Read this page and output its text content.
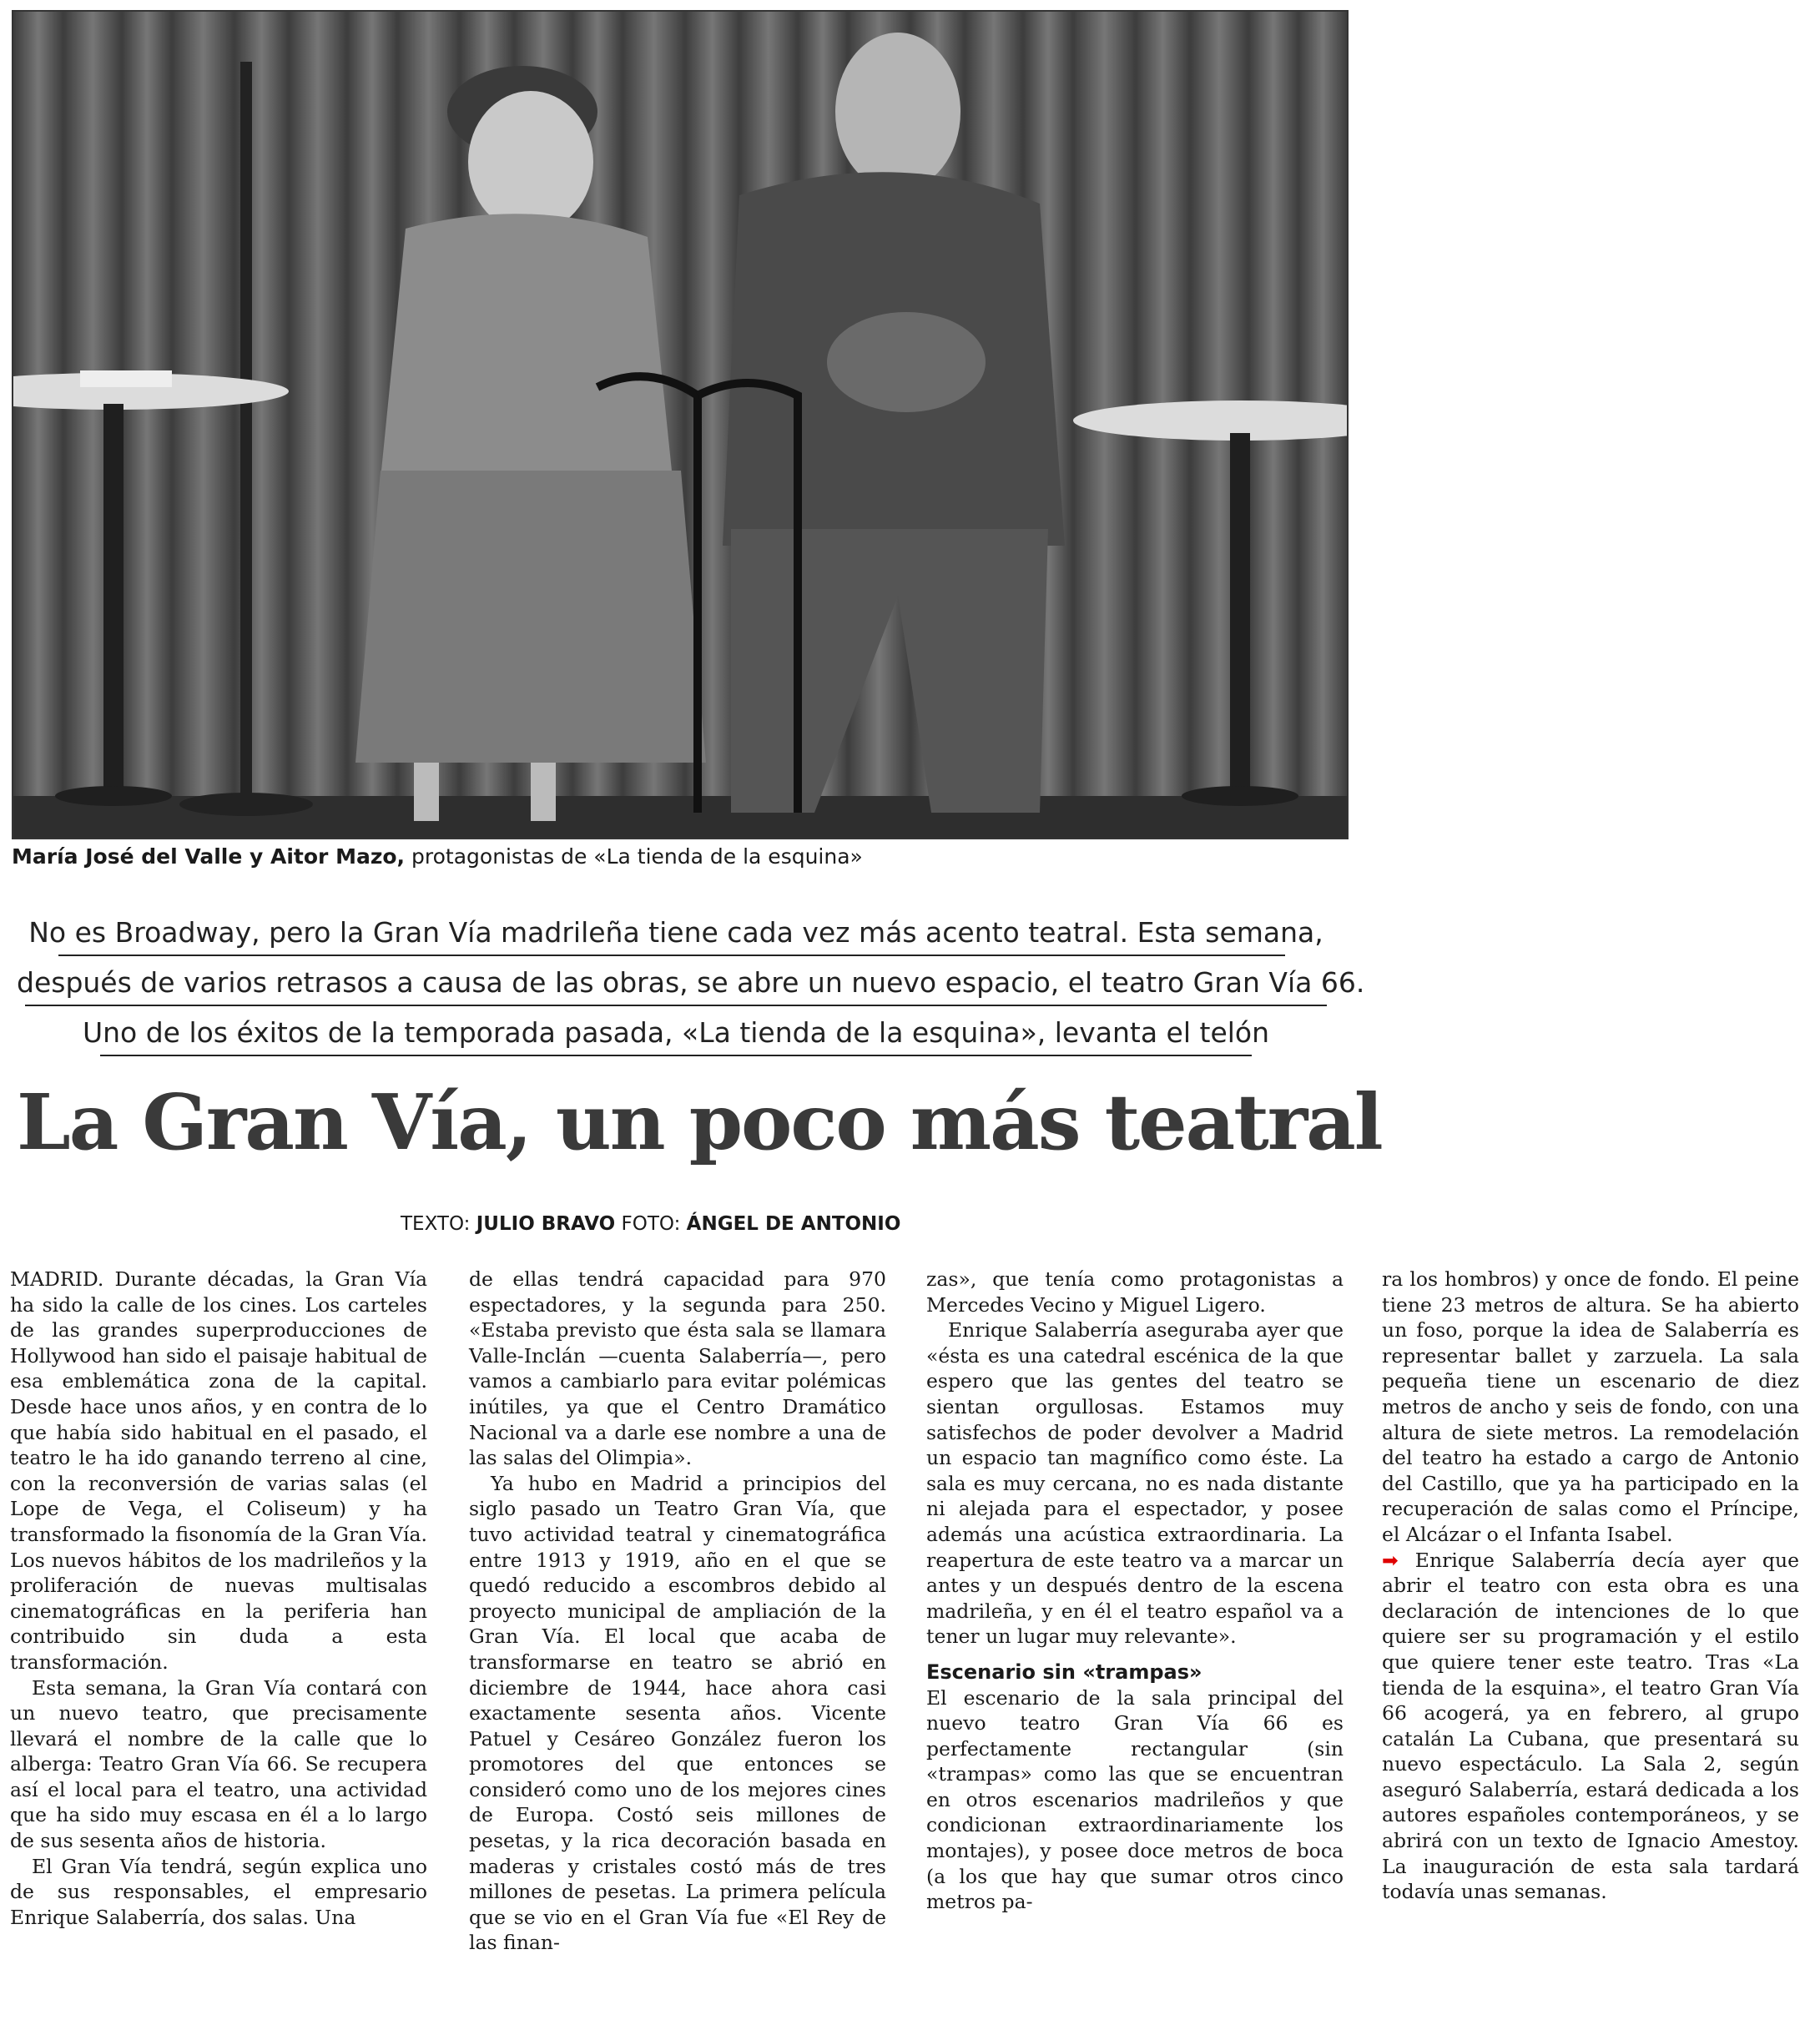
María José del Valle y Aitor Mazo, protagonistas de «La tienda de la esquina»
No es Broadway, pero la Gran Vía madrileña tiene cada vez más acento teatral. Esta semana,
después de varios retrasos a causa de las obras, se abre un nuevo espacio, el teatro Gran Vía 66.
Uno de los éxitos de la temporada pasada, «La tienda de la esquina», levanta el telón
La Gran Vía, un poco más teatral
TEXTO: JULIO BRAVO FOTO: ÁNGEL DE ANTONIO

MADRID. Durante décadas, la Gran Vía ha sido la calle de los cines. Los carteles de las grandes superproducciones de Hollywood han sido el paisaje habitual de esa emblemática zona de la capital. Desde hace unos años, y en contra de lo que había sido habitual en el pasado, el teatro le ha ido ganando terreno al cine, con la reconversión de varias salas (el Lope de Vega, el Coliseum) y ha transformado la fisonomía de la Gran Vía. Los nuevos hábitos de los madrileños y la proliferación de nuevas multisalas cinematográficas en la periferia han contribuido sin duda a esta transformación.

Esta semana, la Gran Vía contará con un nuevo teatro, que precisamente llevará el nombre de la calle que lo alberga: Teatro Gran Vía 66. Se recupera así el local para el teatro, una actividad que ha sido muy escasa en él a lo largo de sus sesenta años de historia.

El Gran Vía tendrá, según explica uno de sus responsables, el empresario Enrique Salaberría, dos salas. Una

de ellas tendrá capacidad para 970 espectadores, y la segunda para 250. «Estaba previsto que ésta sala se llamara Valle-Inclán —cuenta Salaberría—, pero vamos a cambiarlo para evitar polémicas inútiles, ya que el Centro Dramático Nacional va a darle ese nombre a una de las salas del Olimpia».

Ya hubo en Madrid a principios del siglo pasado un Teatro Gran Vía, que tuvo actividad teatral y cinematográfica entre 1913 y 1919, año en el que se quedó reducido a escombros debido al proyecto municipal de ampliación de la Gran Vía. El local que acaba de transformarse en teatro se abrió en diciembre de 1944, hace ahora casi exactamente sesenta años. Vicente Patuel y Cesáreo González fueron los promotores del que entonces se consideró como uno de los mejores cines de Europa. Costó seis millones de pesetas, y la rica decoración basada en maderas y cristales costó más de tres millones de pesetas. La primera película que se vio en el Gran Vía fue «El Rey de las finan-

zas», que tenía como protagonistas a Mercedes Vecino y Miguel Ligero.

Enrique Salaberría aseguraba ayer que «ésta es una catedral escénica de la que espero que las gentes del teatro se sientan orgullosas. Estamos muy satisfechos de poder devolver a Madrid un espacio tan magnífico como éste. La sala es muy cercana, no es nada distante ni alejada para el espectador, y posee además una acústica extraordinaria. La reapertura de este teatro va a marcar un antes y un después dentro de la escena madrileña, y en él el teatro español va a tener un lugar muy relevante».

Escenario sin «trampas»

El escenario de la sala principal del nuevo teatro Gran Vía 66 es perfectamente rectangular (sin «trampas» como las que se encuentran en otros escenarios madrileños y que condicionan extraordinariamente los montajes), y posee doce metros de boca (a los que hay que sumar otros cinco metros pa-

ra los hombros) y once de fondo. El peine tiene 23 metros de altura. Se ha abierto un foso, porque la idea de Salaberría es representar ballet y zarzuela. La sala pequeña tiene un escenario de diez metros de ancho y seis de fondo, con una altura de siete metros. La remodelación del teatro ha estado a cargo de Antonio del Castillo, que ya ha participado en la recuperación de salas como el Príncipe, el Alcázar o el Infanta Isabel.

➡ Enrique Salaberría decía ayer que abrir el teatro con esta obra es una declaración de intenciones de lo que quiere ser su programación y el estilo que quiere tener este teatro. Tras «La tienda de la esquina», el teatro Gran Vía 66 acogerá, ya en febrero, al grupo catalán La Cubana, que presentará su nuevo espectáculo. La Sala 2, según aseguró Salaberría, estará dedicada a los autores españoles contemporáneos, y se abrirá con un texto de Ignacio Amestoy. La inauguración de esta sala tardará todavía unas semanas.
